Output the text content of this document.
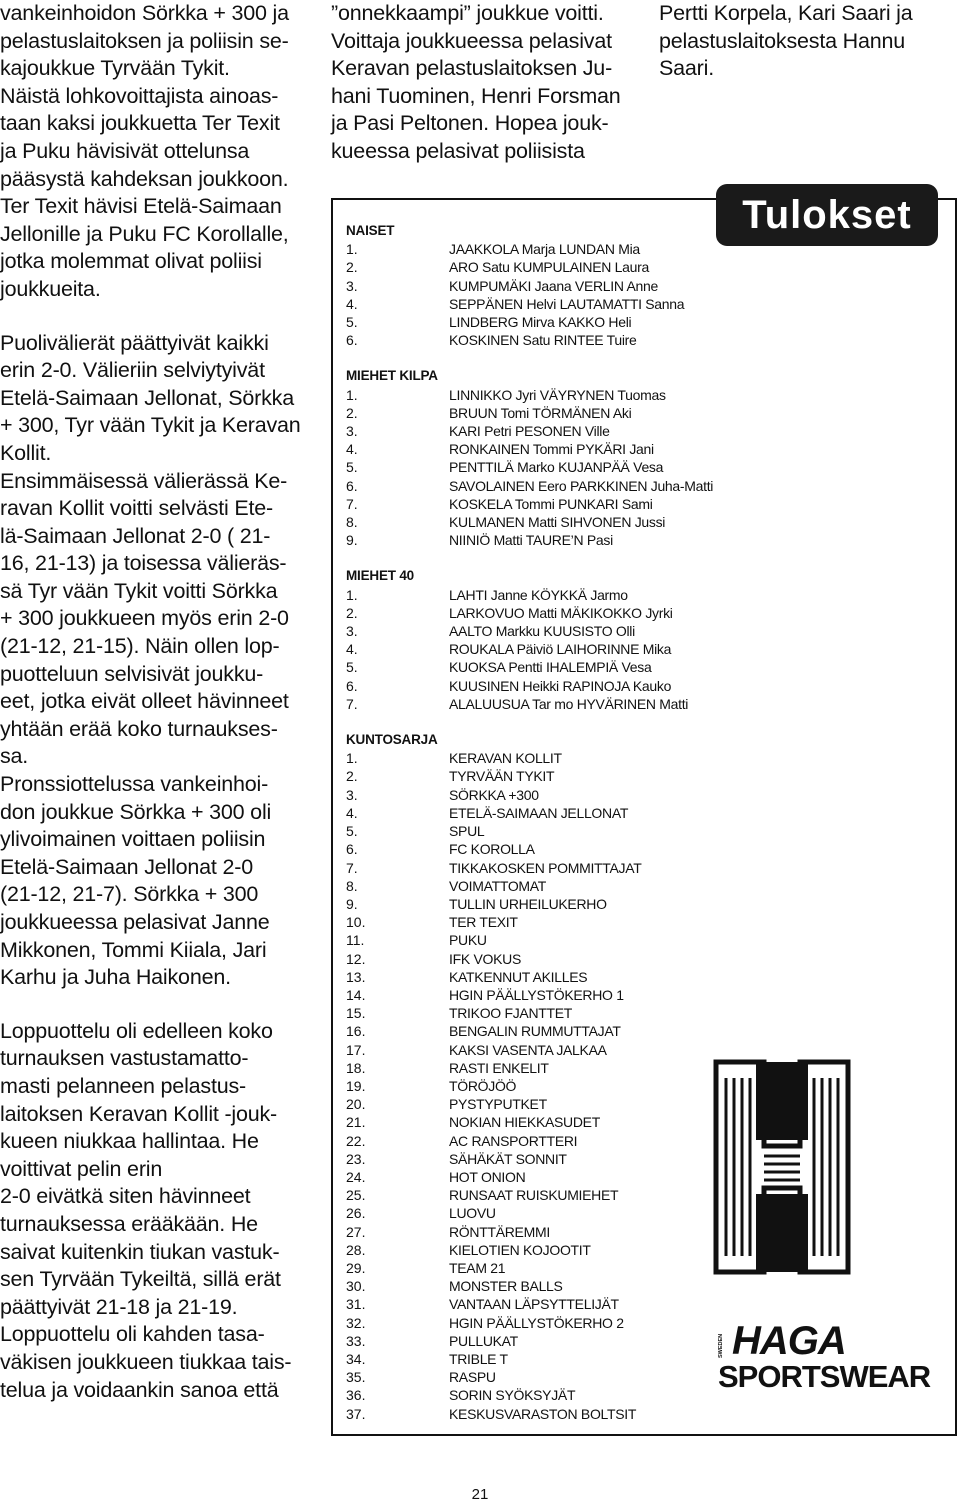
vankeinhoidon Sörkka + 300 ja

pelastuslaitoksen ja poliisin se-

kajoukkue Tyrvään Tykit.

Näistä lohkovoittajista ainoas-

taan kaksi joukkuetta Ter Texit

ja Puku hävisivät ottelunsa

pääsystä kahdeksan joukkoon.

Ter Texit hävisi Etelä-Saimaan

Jellonille ja Puku FC Korollalle,

jotka molemmat olivat poliisi

joukkueita.

Puolivälierät päättyivät kaikki

erin 2-0. Välieriin selviytyivät

Etelä-Saimaan Jellonat, Sörkka

+ 300, Tyr vään Tykit ja Keravan

Kollit.

Ensimmäisessä välierässä Ke-

ravan Kollit voitti selvästi Ete-

lä-Saimaan Jellonat 2-0 ( 21-

16, 21-13) ja toisessa välieräs-

sä Tyr vään Tykit voitti Sörkka

+ 300 joukkueen myös erin 2-0

(21-12, 21-15). Näin ollen lop-

puotteluun selvisivät joukku-

eet, jotka eivät olleet hävinneet

yhtään erää koko turnaukses-

sa.

Pronssiottelussa vankeinhoi-

don joukkue Sörkka + 300 oli

ylivoimainen voittaen poliisin

Etelä-Saimaan Jellonat 2-0

(21-12, 21-7). Sörkka + 300

joukkueessa pelasivat Janne

Mikkonen, Tommi Kiiala, Jari

Karhu ja Juha Haikonen.

Loppuottelu oli edelleen koko

turnauksen vastustamatto-

masti pelanneen pelastus-

laitoksen Keravan Kollit -jouk-

kueen niukkaa hallintaa. He

voittivat pelin erin

2-0 eivätkä siten hävinneet

turnauksessa erääkään. He

saivat kuitenkin tiukan vastuk-

sen Tyrvään Tykeiltä, sillä erät

päättyivät 21-18 ja 21-19.

Loppuottelu oli kahden tasa-

väkisen joukkueen tiukkaa tais-

telua ja voidaankin sanoa että

”onnekkaampi” joukkue voitti.

Voittaja joukkueessa pelasivat

Keravan pelastuslaitoksen Ju-

hani Tuominen, Henri Forsman

ja Pasi Peltonen. Hopea jouk-

kueessa pelasivat poliisista

Pertti Korpela, Kari Saari ja

pelastuslaitoksesta Hannu

Saari.

NAISET
1.	JAAKKOLA Marja LUNDAN Mia
2.	ARO Satu KUMPULAINEN Laura
3.	KUMPUMÄKI Jaana VERLIN Anne
4.	SEPPÄNEN Helvi LAUTAMATTI Sanna
5.	LINDBERG Mirva KAKKO Heli
6.	KOSKINEN Satu RINTEE Tuire
MIEHET KILPA
1.	LINNIKKO Jyri VÄYRYNEN Tuomas
2.	BRUUN Tomi TÖRMÄNEN Aki
3.	KARI Petri PESONEN Ville
4.	RONKAINEN Tommi PYKÄRI Jani
5.	PENTTILÄ Marko KUJANPÄÄ Vesa
6.	SAVOLAINEN Eero PARKKINEN Juha-Matti
7.	KOSKELA Tommi PUNKARI Sami
8.	KULMANEN Matti SIHVONEN Jussi
9.	NIINIÖ Matti TAURE’N Pasi
MIEHET 40
1.	LAHTI Janne KÖYKKÄ Jarmo
2.	LARKOVUO Matti MÄKIKOKKO Jyrki
3.	AALTO Markku KUUSISTO Olli
4.	ROUKALA Päiviö LAIHORINNE Mika
5.	KUOKSA Pentti IHALEMPIÄ Vesa
6.	KUUSINEN Heikki RAPINOJA Kauko
7.	ALALUUSUA Tar mo HYVÄRINEN Matti
KUNTOSARJA
1.	KERAVAN KOLLIT
2.	TYRVÄÄN TYKIT
3.	SÖRKKA +300
4.	ETELÄ-SAIMAAN JELLONAT
5.	SPUL
6.	FC KOROLLA
7.	TIKKAKOSKEN POMMITTAJAT
8.	VOIMATTOMAT
9.	TULLIN URHEILUKERHO
10.	TER TEXIT
11.	PUKU
12.	IFK VOKUS
13.	KATKENNUT AKILLES
14.	HGIN PÄÄLLYSTÖKERHO 1
15.	TRIKOO FJANTTET
16.	BENGALIN RUMMUTTAJAT
17.	KAKSI VASENTA JALKAA
18.	RASTI ENKELIT
19.	TÖRÖJÖÖ
20.	PYSTYPUTKET
21.	NOKIAN HIEKKASUDET
22.	AC RANSPORTTERI
23.	SÄHÄKÄT SONNIT
24.	HOT ONION
25.	RUNSAAT RUISKUMIEHET
26.	LUOVU
27.	RÖNTTÄREMMI
28.	KIELOTIEN KOJOOTIT
29.	TEAM 21
30.	MONSTER BALLS
31.	VANTAAN LÄPSYTTELIJÄT
32.	HGIN PÄÄLLYSTÖKERHO 2
33.	PULLUKAT
34.	TRIBLE T
35.	RASPU
36.	SORIN SYÖKSYJÄT
37.	KESKUSVARASTON BOLTSIT
Tulokset
SWEDEN HAGA
SPORTSWEAR
21
